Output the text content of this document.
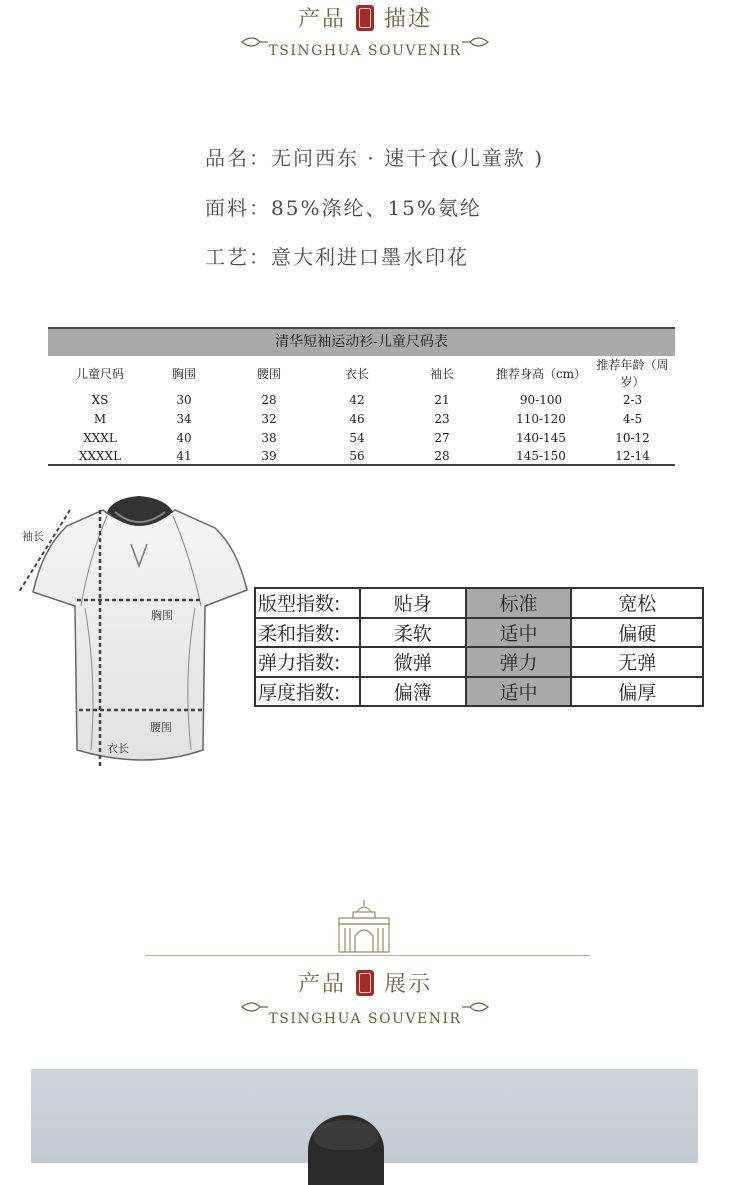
产品 描述
TSINGHUA SOUVENIR
品名：无问西东 · 速干衣(儿童款 )
面料：85%涤纶、15%氨纶
工艺：意大利进口墨水印花
清华短袖运动衫-儿童尺码表
儿童尺码	胸围	腰围	衣长	袖长	推荐身高（cm）	推荐年龄（周岁）
XS	30	28	42	21	90-100	2-3
M	34	32	46	23	110-120	4-5
XXXL	40	38	54	27	140-145	10-12
XXXXL	41	39	56	28	145-150	12-14
袖长
胸围
腰围
衣长
版型指数:	贴身	标准	宽松
柔和指数:	柔软	适中	偏硬
弹力指数:	微弹	弹力	无弹
厚度指数:	偏簿	适中	偏厚
产品 展示
TSINGHUA SOUVENIR
